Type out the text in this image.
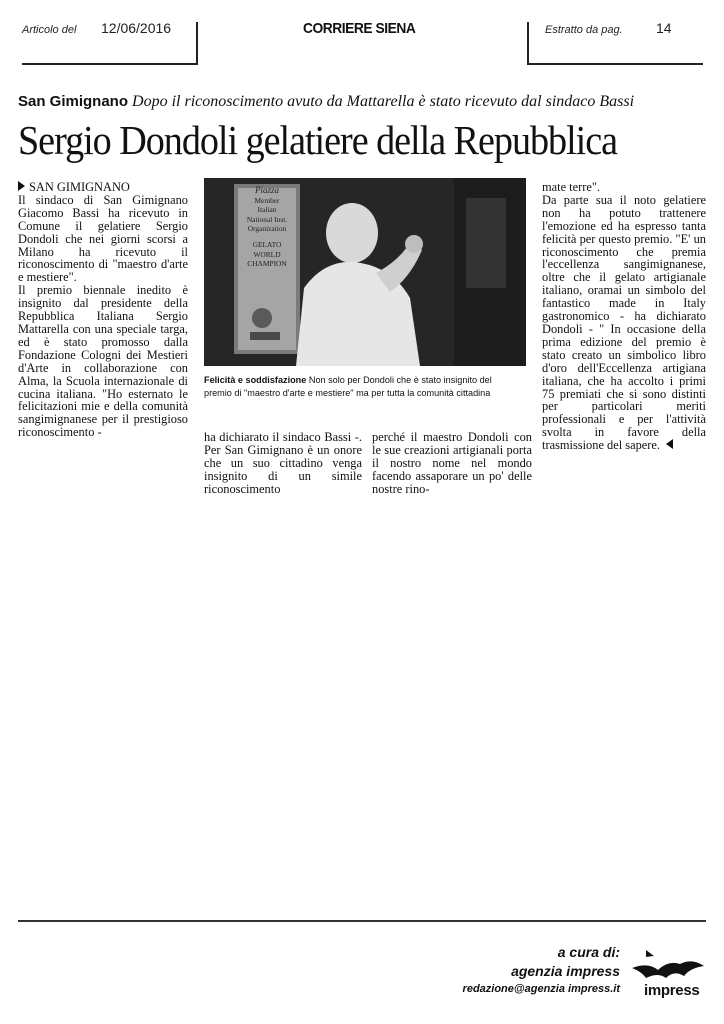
Articolo del 12/06/2016	CORRIERE SIENA	Estratto da pag. 14
San Gimignano Dopo il riconoscimento avuto da Mattarella è stato ricevuto dal sindaco Bassi
Sergio Dondoli gelatiere della Repubblica

SAN GIMIGNANO

Il sindaco di San Gimignano Giacomo Bassi ha ricevuto in Comune il gelatiere Sergio Dondoli che nei giorni scorsi a Milano ha ricevuto il riconoscimento di "maestro d'arte e mestiere".

Il premio biennale inedito è insignito dal presidente della Repubblica Italiana Sergio Mattarella con una speciale targa, ed è stato promosso dalla Fondazione Cologni dei Mestieri d'Arte in collaborazione con Alma, la Scuola internazionale di cucina italiana. "Ho esternato le felicitazioni mie e della comunità sangimignanese per il prestigioso riconoscimento -

Piazza
Member
Italian
National Inst.
Organization
GELATO
WORLD
CHAMPION
Felicità e soddisfazione Non solo per Dondoli che è stato insignito del premio di "maestro d'arte e mestiere" ma per tutta la comunità cittadina

ha dichiarato il sindaco Bassi -. Per San Gimignano è un onore che un suo cittadino venga insignito di un simile riconoscimento

perché il maestro Dondoli con le sue creazioni artigianali porta il nostro nome nel mondo facendo assaporare un po' delle nostre rino-

mate terre".

Da parte sua il noto gelatiere non ha potuto trattenere l'emozione ed ha espresso tanta felicità per questo premio. "E' un riconoscimento che premia l'eccellenza sangimignanese, oltre che il gelato artigianale italiano, oramai un simbolo del fantastico made in Italy gastronomico - ha dichiarato Dondoli - " In occasione della prima edizione del premio è stato creato un simbolico libro d'oro dell'Eccellenza artigiana italiana, che ha accolto i primi 75 premiati che si sono distinti per particolari meriti professionali e per l'attività svolta in favore della trasmissione del sapere.

a cura di:
agenzia impress
redazione@agenzia impress.it impress
